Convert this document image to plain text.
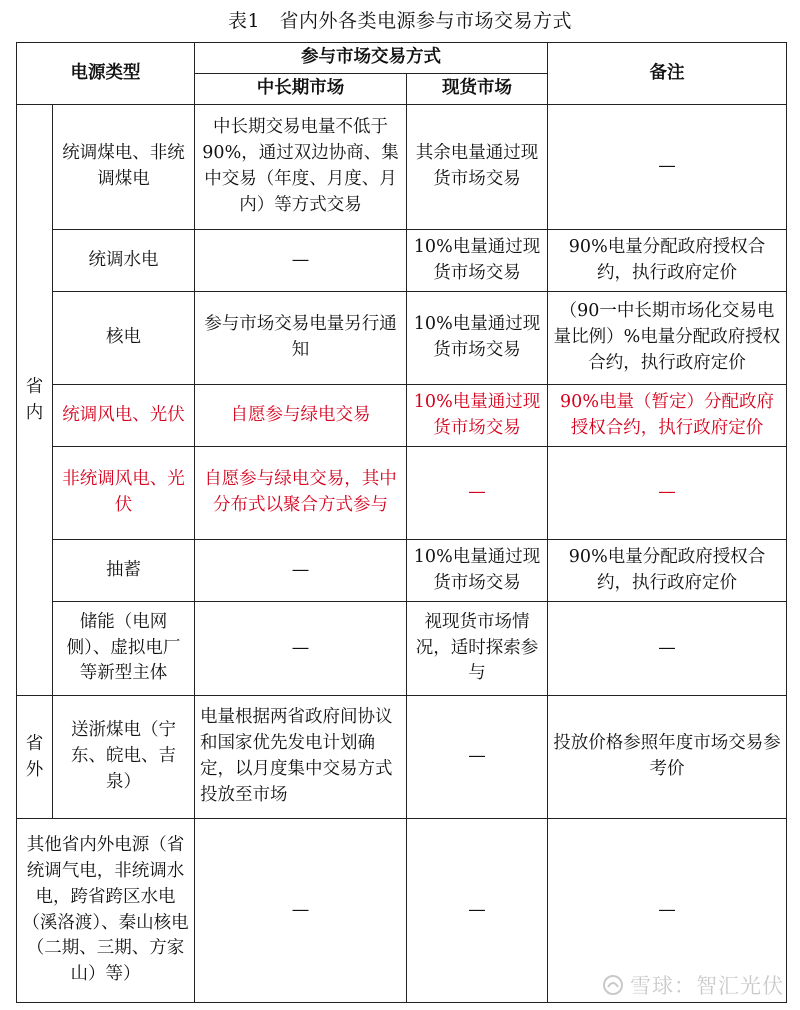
表1　省内外各类电源参与市场交易方式
电源类型		参与市场交易方式		备注
		中长期市场	现货市场	

省内	统调煤电、非统调煤电	中长期交易电量不低于90%，通过双边协商、集中交易（年度、月度、月内）等方式交易	其余电量通过现货市场交易	—
	统调水电	—	10%电量通过现货市场交易	90%电量分配政府授权合约，执行政府定价
	核电	参与市场交易电量另行通知	10%电量通过现货市场交易	（90一中长期市场化交易电量比例）%电量分配政府授权合约，执行政府定价
	统调风电、光伏	自愿参与绿电交易	10%电量通过现货市场交易	90%电量（暂定）分配政府授权合约，执行政府定价
	非统调风电、光伏	自愿参与绿电交易，其中分布式以聚合方式参与	—	—
	抽蓄	—	10%电量通过现货市场交易	90%电量分配政府授权合约，执行政府定价
	储能（电网侧）、虚拟电厂等新型主体	—	视现货市场情况，适时探索参与	—

省外	送浙煤电（宁东、皖电、吉泉）	电量根据两省政府间协议和国家优先发电计划确定，以月度集中交易方式投放至市场	—	投放价格参照年度市场交易参考价
其他省内外电源（省统调气电，非统调水电，跨省跨区水电（溪洛渡）、秦山核电（二期、三期、方家山）等）		—	—	—
雪球：智汇光伏
